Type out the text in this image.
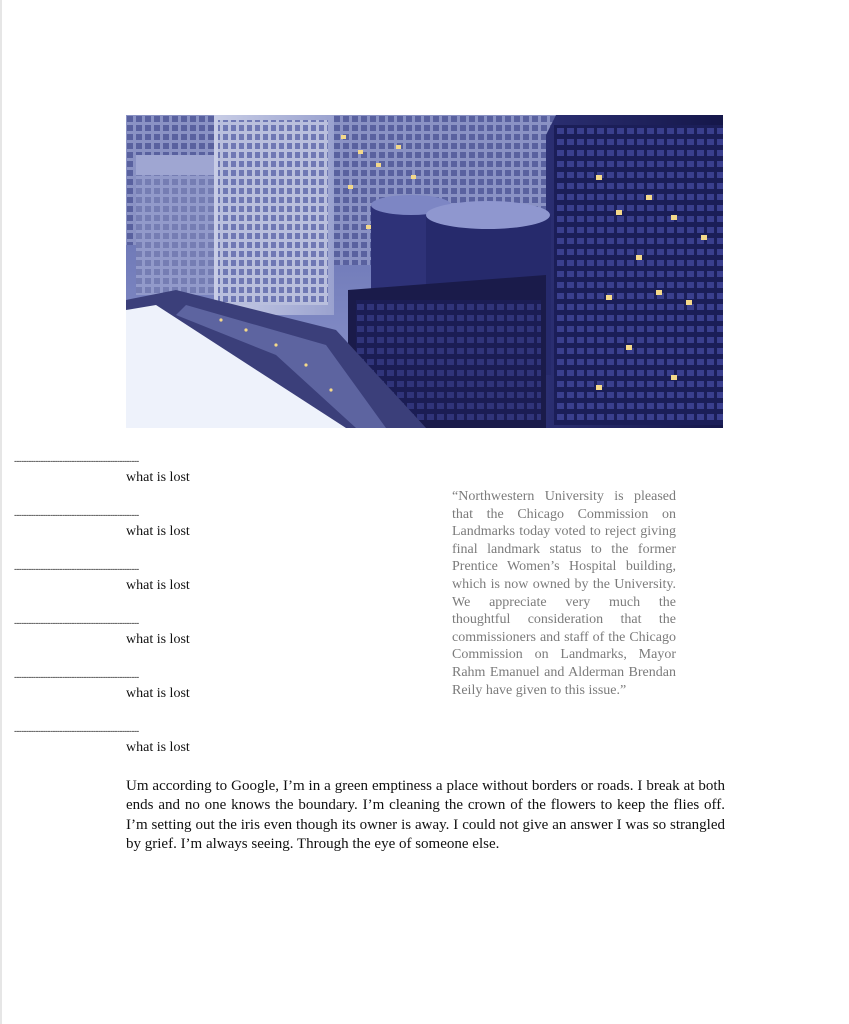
----------------------------------------------------
what is lost
----------------------------------------------------
what is lost
----------------------------------------------------
what is lost
----------------------------------------------------
what is lost
----------------------------------------------------
what is lost
----------------------------------------------------
what is lost
“Northwestern University is pleased that the Chicago Commission on Landmarks today voted to reject giving final landmark status to the former Prentice Women’s Hospital building, which is now owned by the University. We appreciate very much the thoughtful consideration that the commissioners and staff of the Chicago Commission on Landmarks, Mayor Rahm Emanuel and Alderman Brendan Reily have given to this issue.”
Um according to Google, I’m in a green emptiness a place without borders or roads. I break at both ends and no one knows the boundary. I’m cleaning the crown of the flowers to keep the flies off. I’m setting out the iris even though its owner is away. I could not give an answer I was so strangled by grief. I’m always seeing. Through the eye of someone else.
